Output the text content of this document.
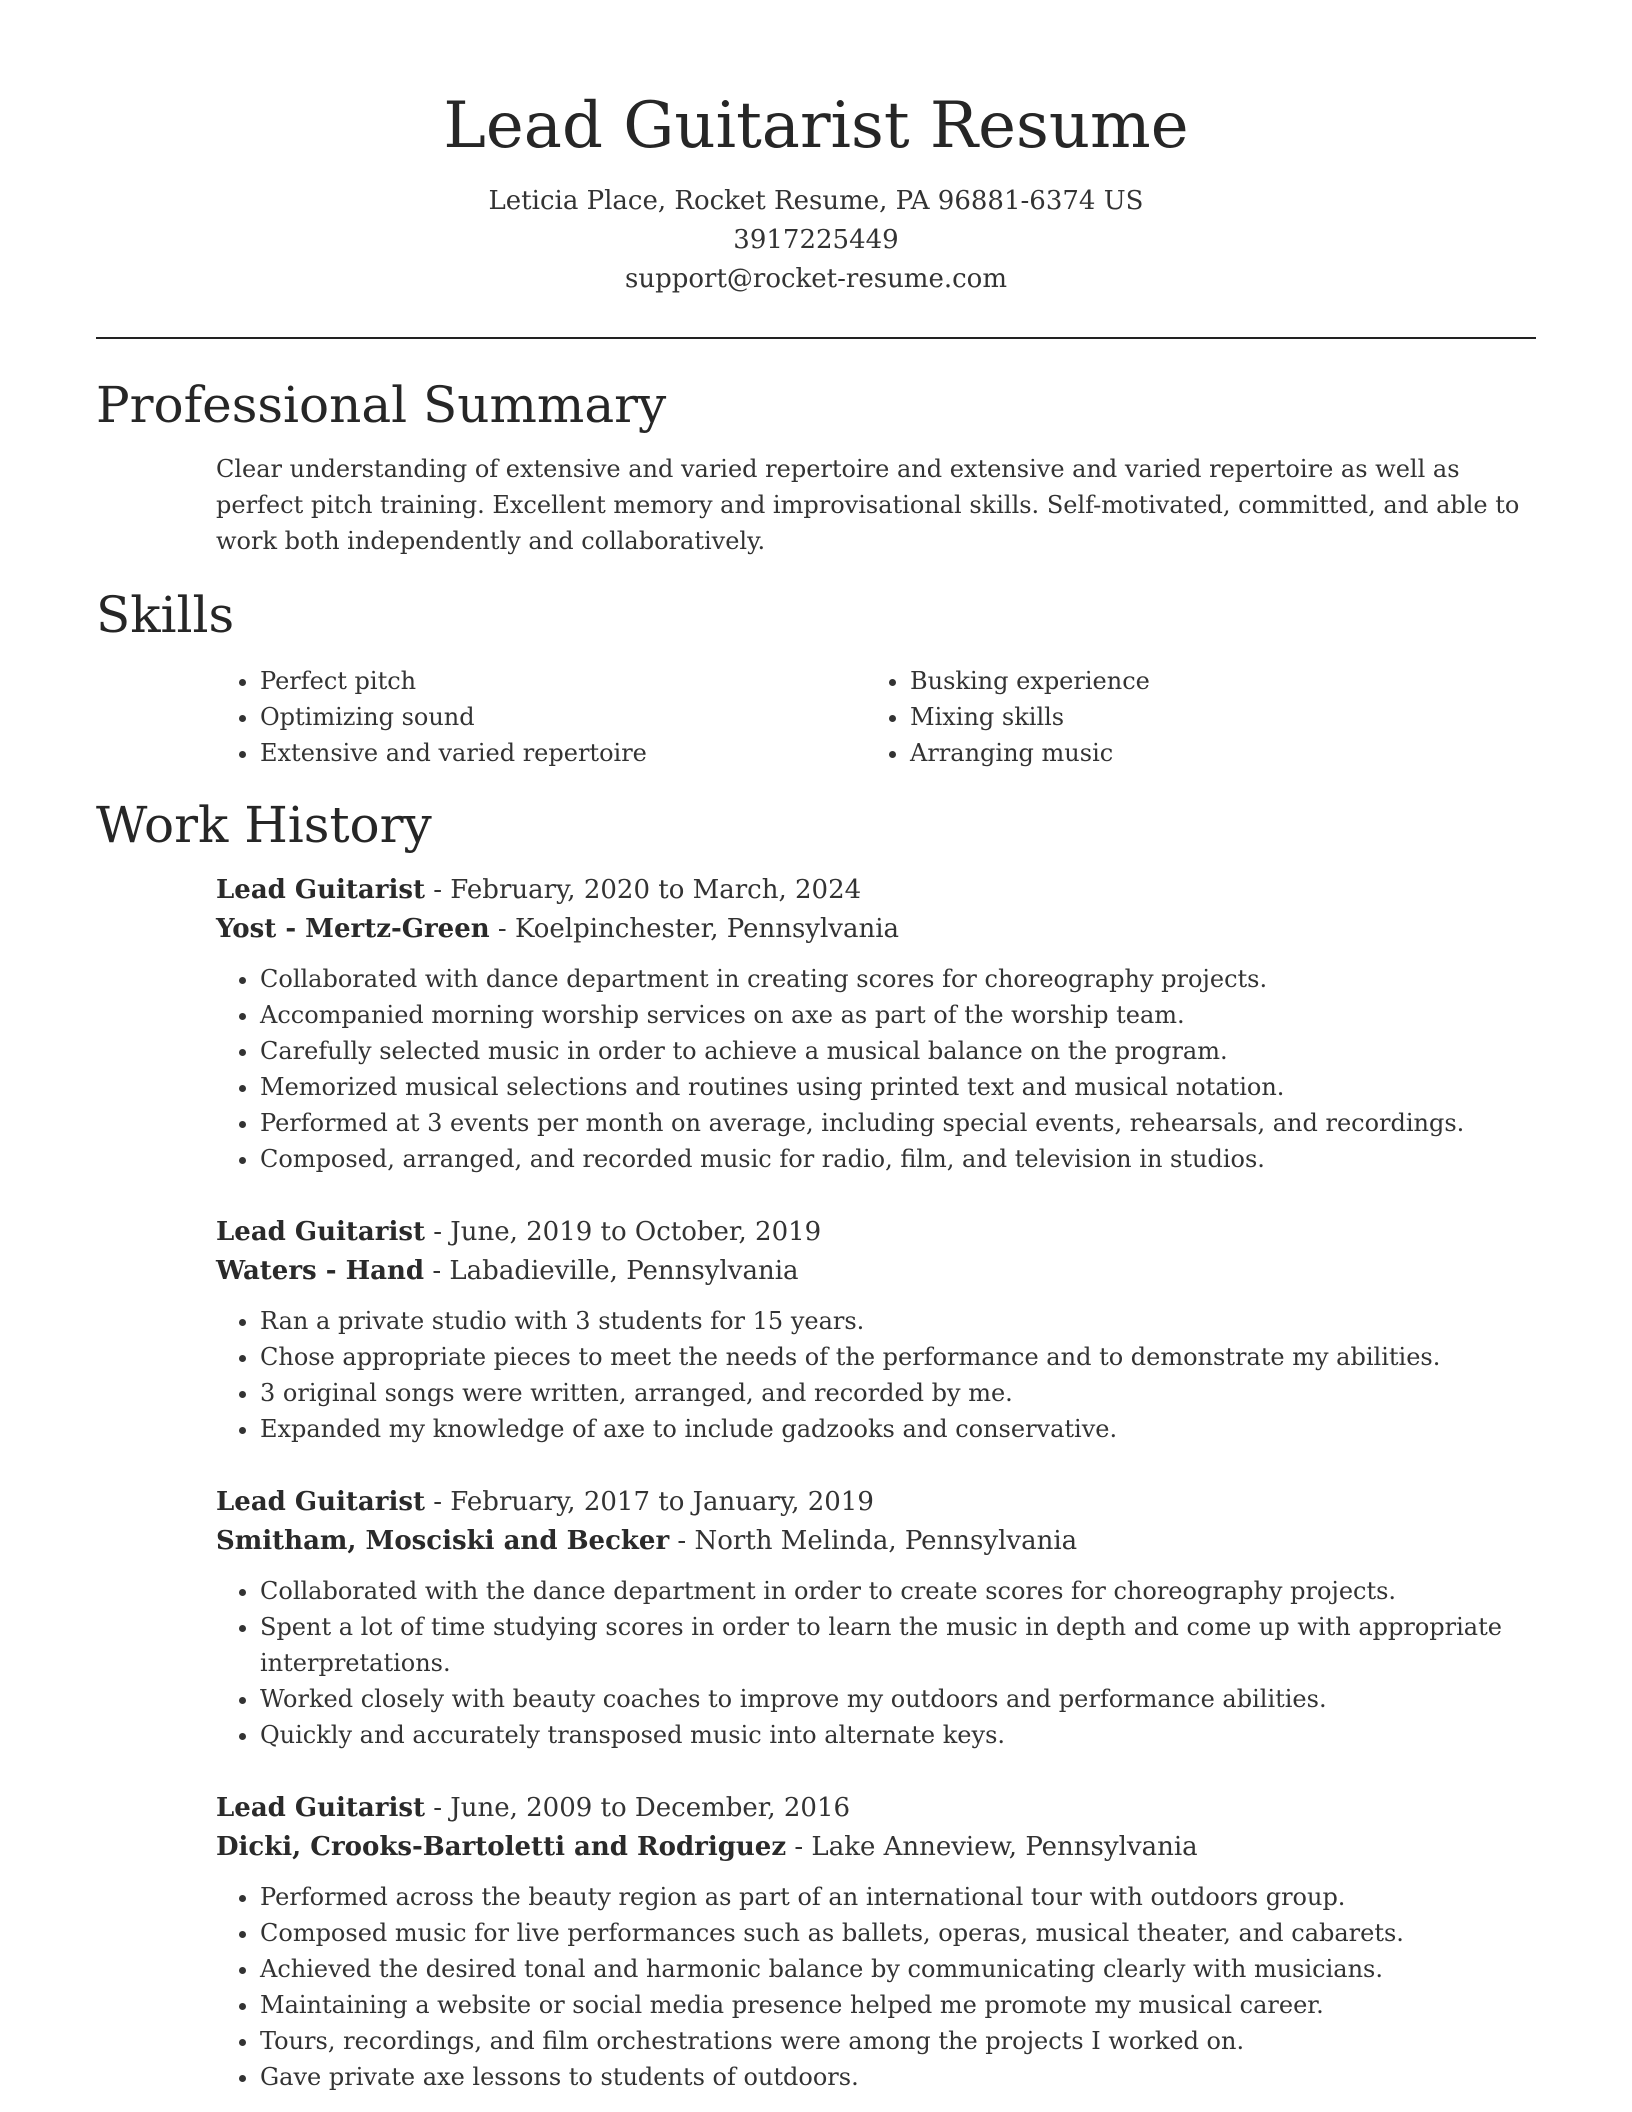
Lead Guitarist Resume
Leticia Place, Rocket Resume, PA 96881-6374 US
3917225449
support@rocket-resume.com
Professional Summary
Clear understanding of extensive and varied repertoire and extensive and varied repertoire as well as perfect pitch training. Excellent memory and improvisational skills. Self-motivated, committed, and able to work both independently and collaboratively.
Skills
• Perfect pitch
• Optimizing sound
• Extensive and varied repertoire
• Busking experience
• Mixing skills
• Arranging music
Work History
Lead Guitarist - February, 2020 to March, 2024
Yost - Mertz-Green - Koelpinchester, Pennsylvania
• Collaborated with dance department in creating scores for choreography projects.
• Accompanied morning worship services on axe as part of the worship team.
• Carefully selected music in order to achieve a musical balance on the program.
• Memorized musical selections and routines using printed text and musical notation.
• Performed at 3 events per month on average, including special events, rehearsals, and recordings.
• Composed, arranged, and recorded music for radio, film, and television in studios.
Lead Guitarist - June, 2019 to October, 2019
Waters - Hand - Labadieville, Pennsylvania
• Ran a private studio with 3 students for 15 years.
• Chose appropriate pieces to meet the needs of the performance and to demonstrate my abilities.
• 3 original songs were written, arranged, and recorded by me.
• Expanded my knowledge of axe to include gadzooks and conservative.
Lead Guitarist - February, 2017 to January, 2019
Smitham, Mosciski and Becker - North Melinda, Pennsylvania
• Collaborated with the dance department in order to create scores for choreography projects.
• Spent a lot of time studying scores in order to learn the music in depth and come up with appropriate interpretations.
• Worked closely with beauty coaches to improve my outdoors and performance abilities.
• Quickly and accurately transposed music into alternate keys.
Lead Guitarist - June, 2009 to December, 2016
Dicki, Crooks-Bartoletti and Rodriguez - Lake Anneview, Pennsylvania
• Performed across the beauty region as part of an international tour with outdoors group.
• Composed music for live performances such as ballets, operas, musical theater, and cabarets.
• Achieved the desired tonal and harmonic balance by communicating clearly with musicians.
• Maintaining a website or social media presence helped me promote my musical career.
• Tours, recordings, and film orchestrations were among the projects I worked on.
• Gave private axe lessons to students of outdoors.
